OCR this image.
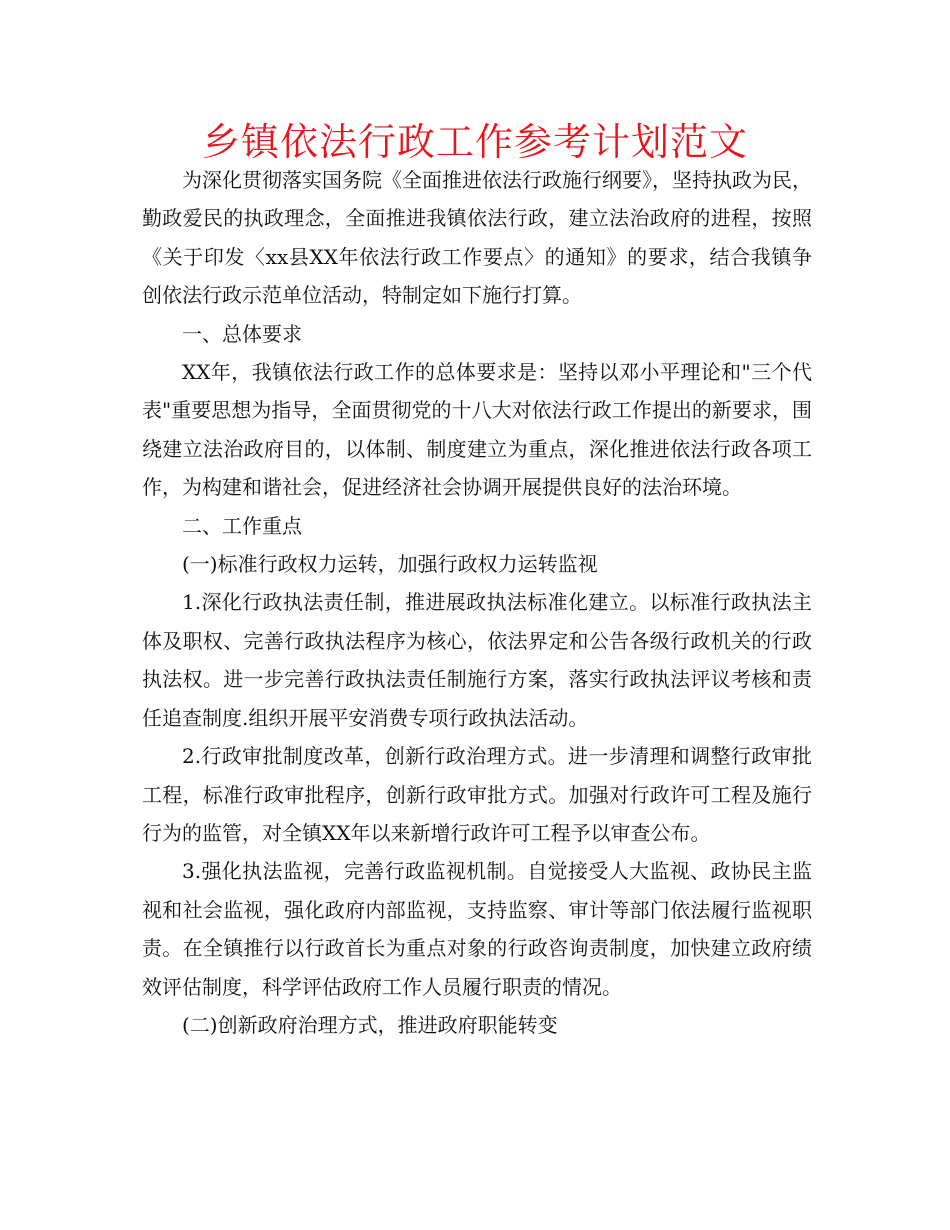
乡镇依法行政工作参考计划范文

为深化贯彻落实国务院《全面推进依法行政施行纲要》，坚持执政为民，勤政爱民的执政理念，全面推进我镇依法行政，建立法治政府的进程，按照《关于印发〈xx县XX年依法行政工作要点〉的通知》的要求，结合我镇争创依法行政示范单位活动，特制定如下施行打算。

一、总体要求

XX年，我镇依法行政工作的总体要求是：坚持以邓小平理论和"三个代表"重要思想为指导，全面贯彻党的十八大对依法行政工作提出的新要求，围绕建立法治政府目的，以体制、制度建立为重点，深化推进依法行政各项工作，为构建和谐社会，促进经济社会协调开展提供良好的法治环境。

二、工作重点

(一)标准行政权力运转，加强行政权力运转监视

1.深化行政执法责任制，推进展政执法标准化建立。以标准行政执法主体及职权、完善行政执法程序为核心，依法界定和公告各级行政机关的行政执法权。进一步完善行政执法责任制施行方案，落实行政执法评议考核和责任追查制度.组织开展平安消费专项行政执法活动。

2.行政审批制度改革，创新行政治理方式。进一步清理和调整行政审批工程，标准行政审批程序，创新行政审批方式。加强对行政许可工程及施行行为的监管，对全镇XX年以来新增行政许可工程予以审查公布。

3.强化执法监视，完善行政监视机制。自觉接受人大监视、政协民主监视和社会监视，强化政府内部监视，支持监察、审计等部门依法履行监视职责。在全镇推行以行政首长为重点对象的行政咨询责制度，加快建立政府绩效评估制度，科学评估政府工作人员履行职责的情况。

(二)创新政府治理方式，推进政府职能转变
